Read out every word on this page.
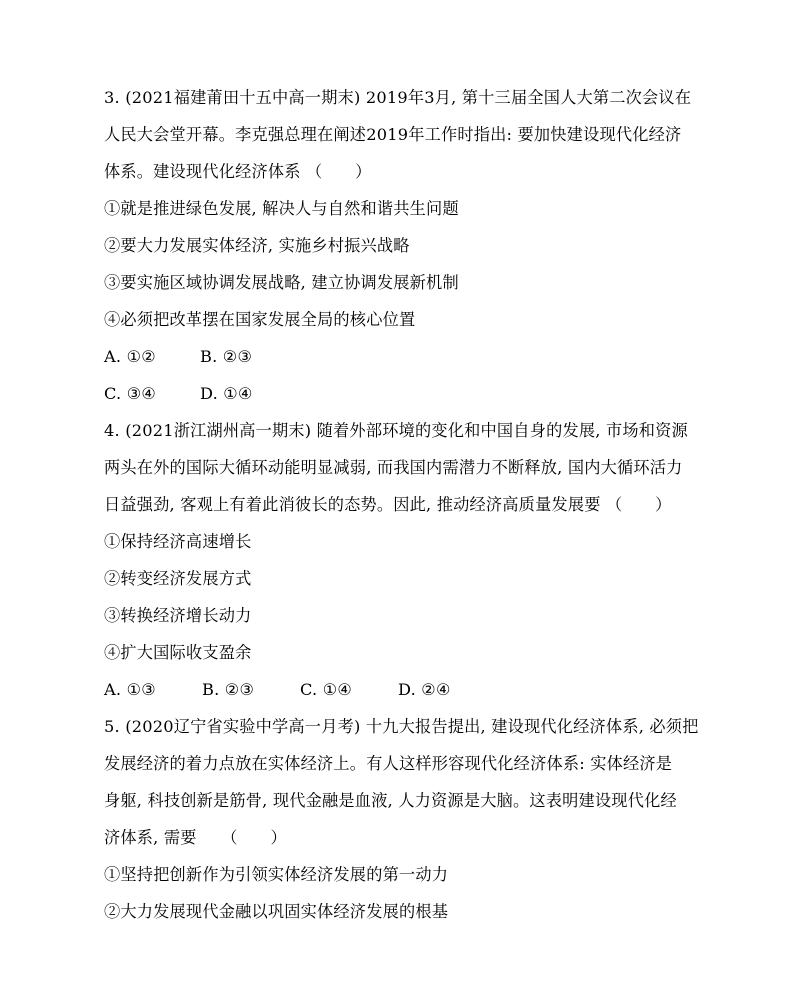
3. (2021福建莆田十五中高一期末) 2019年3月, 第十三届全国人大第二次会议在
人民大会堂开幕。李克强总理在阐述2019年工作时指出: 要加快建设现代化经济
体系。建设现代化经济体系 （　　）
①就是推进绿色发展, 解决人与自然和谐共生问题
②要大力发展实体经济, 实施乡村振兴战略
③要实施区域协调发展战略, 建立协调发展新机制
④必须把改革摆在国家发展全局的核心位置
A. ①②	B. ②③
C. ③④	D. ①④
4. (2021浙江湖州高一期末) 随着外部环境的变化和中国自身的发展, 市场和资源
两头在外的国际大循环动能明显减弱, 而我国内需潜力不断释放, 国内大循环活力
日益强劲, 客观上有着此消彼长的态势。因此, 推动经济高质量发展要 （　　）
①保持经济高速增长
②转变经济发展方式
③转换经济增长动力
④扩大国际收支盈余
A. ①③	B. ②③	C. ①④	D. ②④
5. (2020辽宁省实验中学高一月考) 十九大报告提出, 建设现代化经济体系, 必须把
发展经济的着力点放在实体经济上。有人这样形容现代化经济体系: 实体经济是
身躯, 科技创新是筋骨, 现代金融是血液, 人力资源是大脑。这表明建设现代化经
济体系, 需要　　（　　）
①坚持把创新作为引领实体经济发展的第一动力
②大力发展现代金融以巩固实体经济发展的根基
